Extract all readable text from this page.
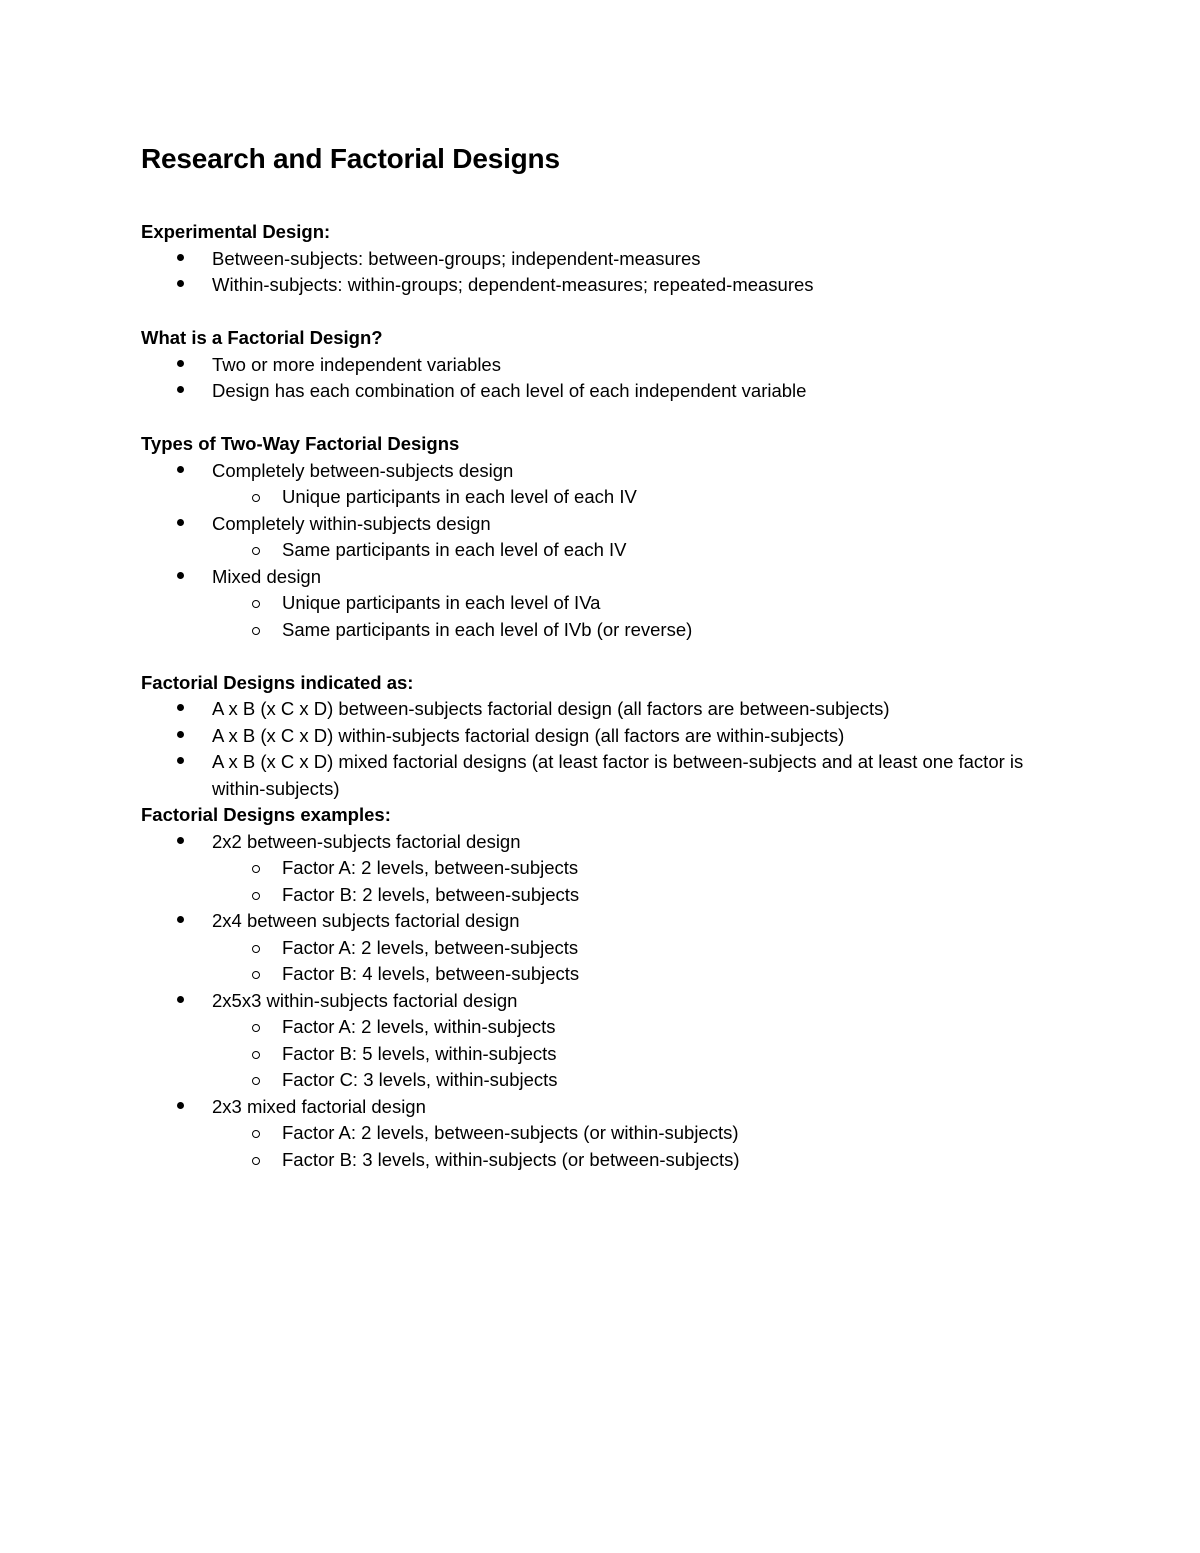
Research and Factorial Designs
Experimental Design:
Between-subjects: between-groups; independent-measures
Within-subjects: within-groups; dependent-measures; repeated-measures
What is a Factorial Design?
Two or more independent variables
Design has each combination of each level of each independent variable
Types of Two-Way Factorial Designs
Completely between-subjects design
Unique participants in each level of each IV
Completely within-subjects design
Same participants in each level of each IV
Mixed design
Unique participants in each level of IVa
Same participants in each level of IVb (or reverse)
Factorial Designs indicated as:
A x B (x C x D) between-subjects factorial design (all factors are between-subjects)
A x B (x C x D) within-subjects factorial design (all factors are within-subjects)
A x B (x C x D) mixed factorial designs (at least factor is between-subjects and at least one factor is within-subjects)
Factorial Designs examples:
2x2 between-subjects factorial design
Factor A: 2 levels, between-subjects
Factor B: 2 levels, between-subjects
2x4 between subjects factorial design
Factor A: 2 levels, between-subjects
Factor B: 4 levels, between-subjects
2x5x3 within-subjects factorial design
Factor A: 2 levels, within-subjects
Factor B: 5 levels, within-subjects
Factor C: 3 levels, within-subjects
2x3 mixed factorial design
Factor A: 2 levels, between-subjects (or within-subjects)
Factor B: 3 levels, within-subjects (or between-subjects)
